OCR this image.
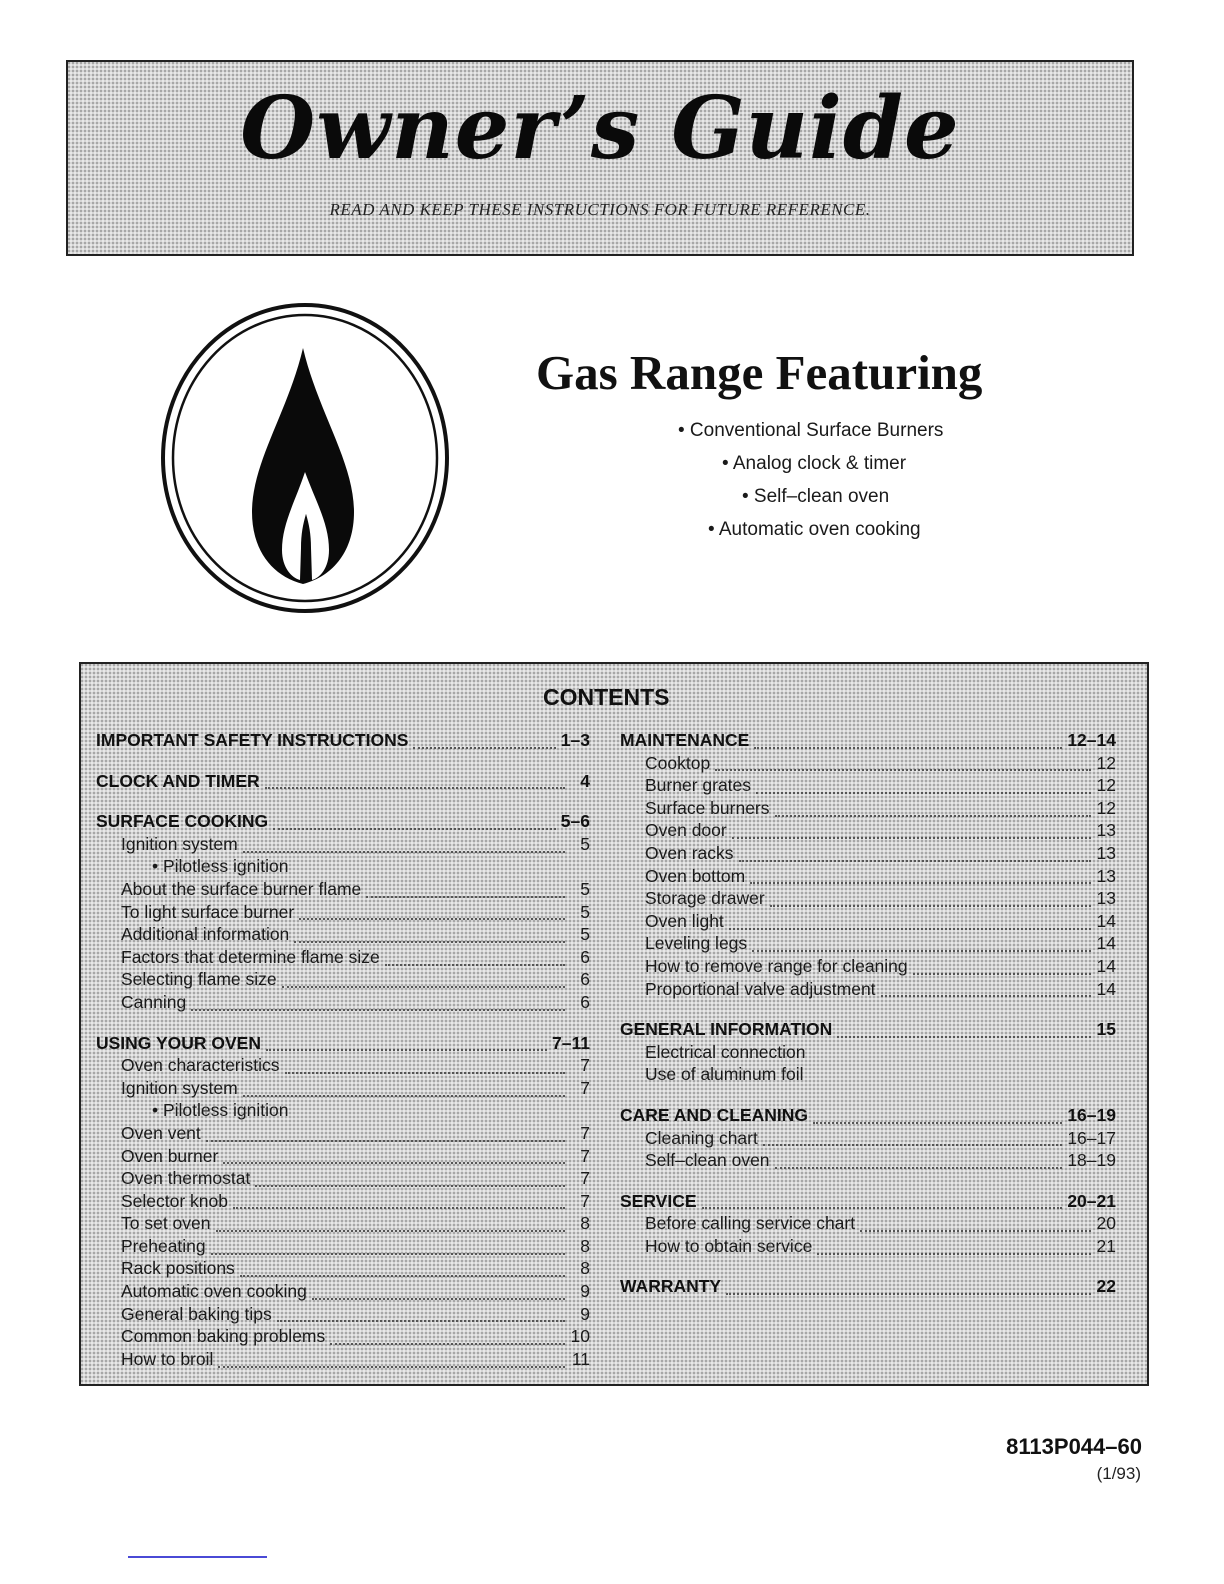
Owner’s Guide
READ AND KEEP THESE INSTRUCTIONS FOR FUTURE REFERENCE.
Gas Range Featuring
• Conventional Surface Burners
• Analog clock & timer
• Self–clean oven
• Automatic oven cooking
CONTENTS
IMPORTANT SAFETY INSTRUCTIONS	1–3
CLOCK AND TIMER	4
SURFACE COOKING	5–6
Ignition system	5
• Pilotless ignition
About the surface burner flame	5
To light surface burner	5
Additional information	5
Factors that determine flame size	6
Selecting flame size	6
Canning	6
USING YOUR OVEN	7–11
Oven characteristics	7
Ignition system	7
• Pilotless ignition
Oven vent	7
Oven burner	7
Oven thermostat	7
Selector knob	7
To set oven	8
Preheating	8
Rack positions	8
Automatic oven cooking	9
General baking tips	9
Common baking problems	10
How to broil	11
MAINTENANCE	12–14
Cooktop	12
Burner grates	12
Surface burners	12
Oven door	13
Oven racks	13
Oven bottom	13
Storage drawer	13
Oven light	14
Leveling legs	14
How to remove range for cleaning	14
Proportional valve adjustment	14
GENERAL INFORMATION	15
Electrical connection
Use of aluminum foil
CARE AND CLEANING	16–19
Cleaning chart	16–17
Self–clean oven	18–19
SERVICE	20–21
Before calling service chart	20
How to obtain service	21
WARRANTY	22
8113P044–60
(1/93)
